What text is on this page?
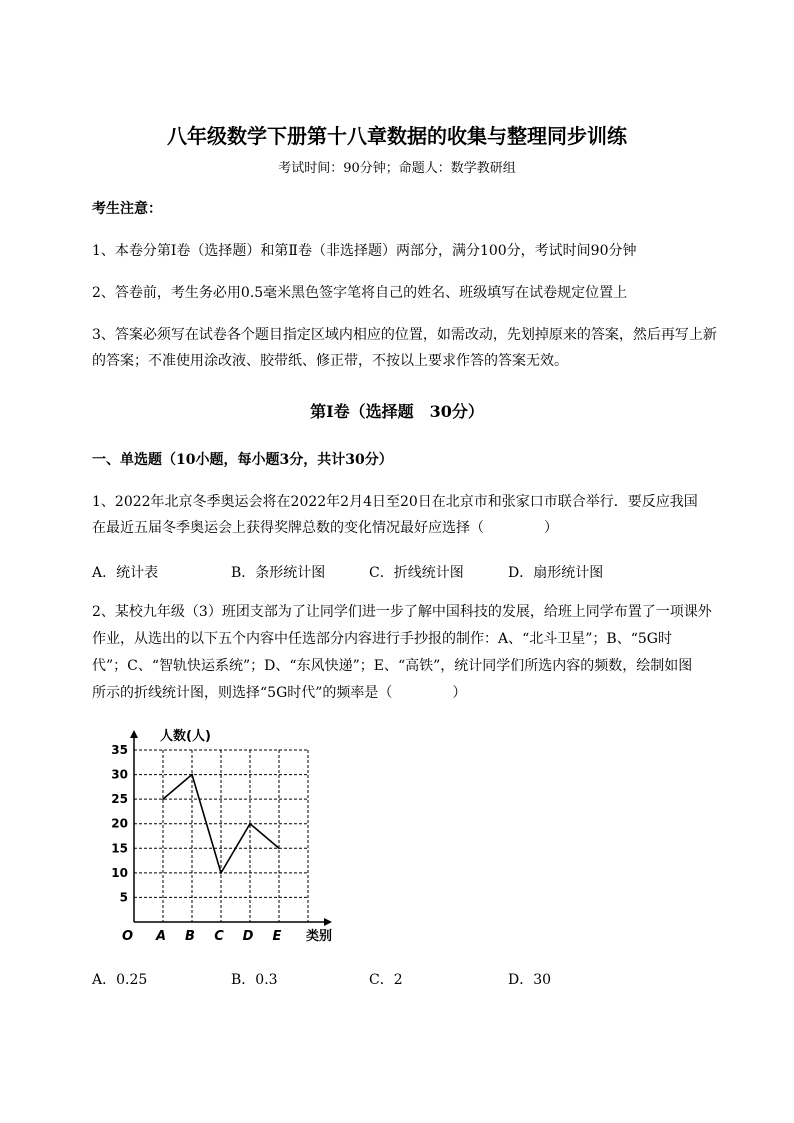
八年级数学下册第十八章数据的收集与整理同步训练
考试时间：90分钟；命题人：数学教研组
考生注意：
1、本卷分第Ⅰ卷（选择题）和第Ⅱ卷（非选择题）两部分，满分100分，考试时间90分钟
2、答卷前，考生务必用0.5毫米黑色签字笔将自己的姓名、班级填写在试卷规定位置上
3、答案必须写在试卷各个题目指定区域内相应的位置，如需改动，先划掉原来的答案，然后再写上新
的答案；不准使用涂改液、胶带纸、修正带，不按以上要求作答的答案无效。
第Ⅰ卷（选择题　30分）
一、单选题（10小题，每小题3分，共计30分）
1、2022年北京冬季奥运会将在2022年2月4日至20日在北京市和张家口市联合举行．要反应我国
在最近五届冬季奥运会上获得奖牌总数的变化情况最好应选择（	）
A．统计表	B．条形统计图	C．折线统计图	D．扇形统计图
2、某校九年级（3）班团支部为了让同学们进一步了解中国科技的发展，给班上同学布置了一项课外
作业，从选出的以下五个内容中任选部分内容进行手抄报的制作：A、“北斗卫星”；B、“5G时
代”；C、“智轨快运系统”；D、“东风快递”；E、“高铁”，统计同学们所选内容的频数，绘制如图
所示的折线统计图，则选择“5G时代”的频率是（	）
5
10
15
20
25
30
35
A B C D E
人数(人)
类别
O
A．0.25	B．0.3	C．2	D．30
